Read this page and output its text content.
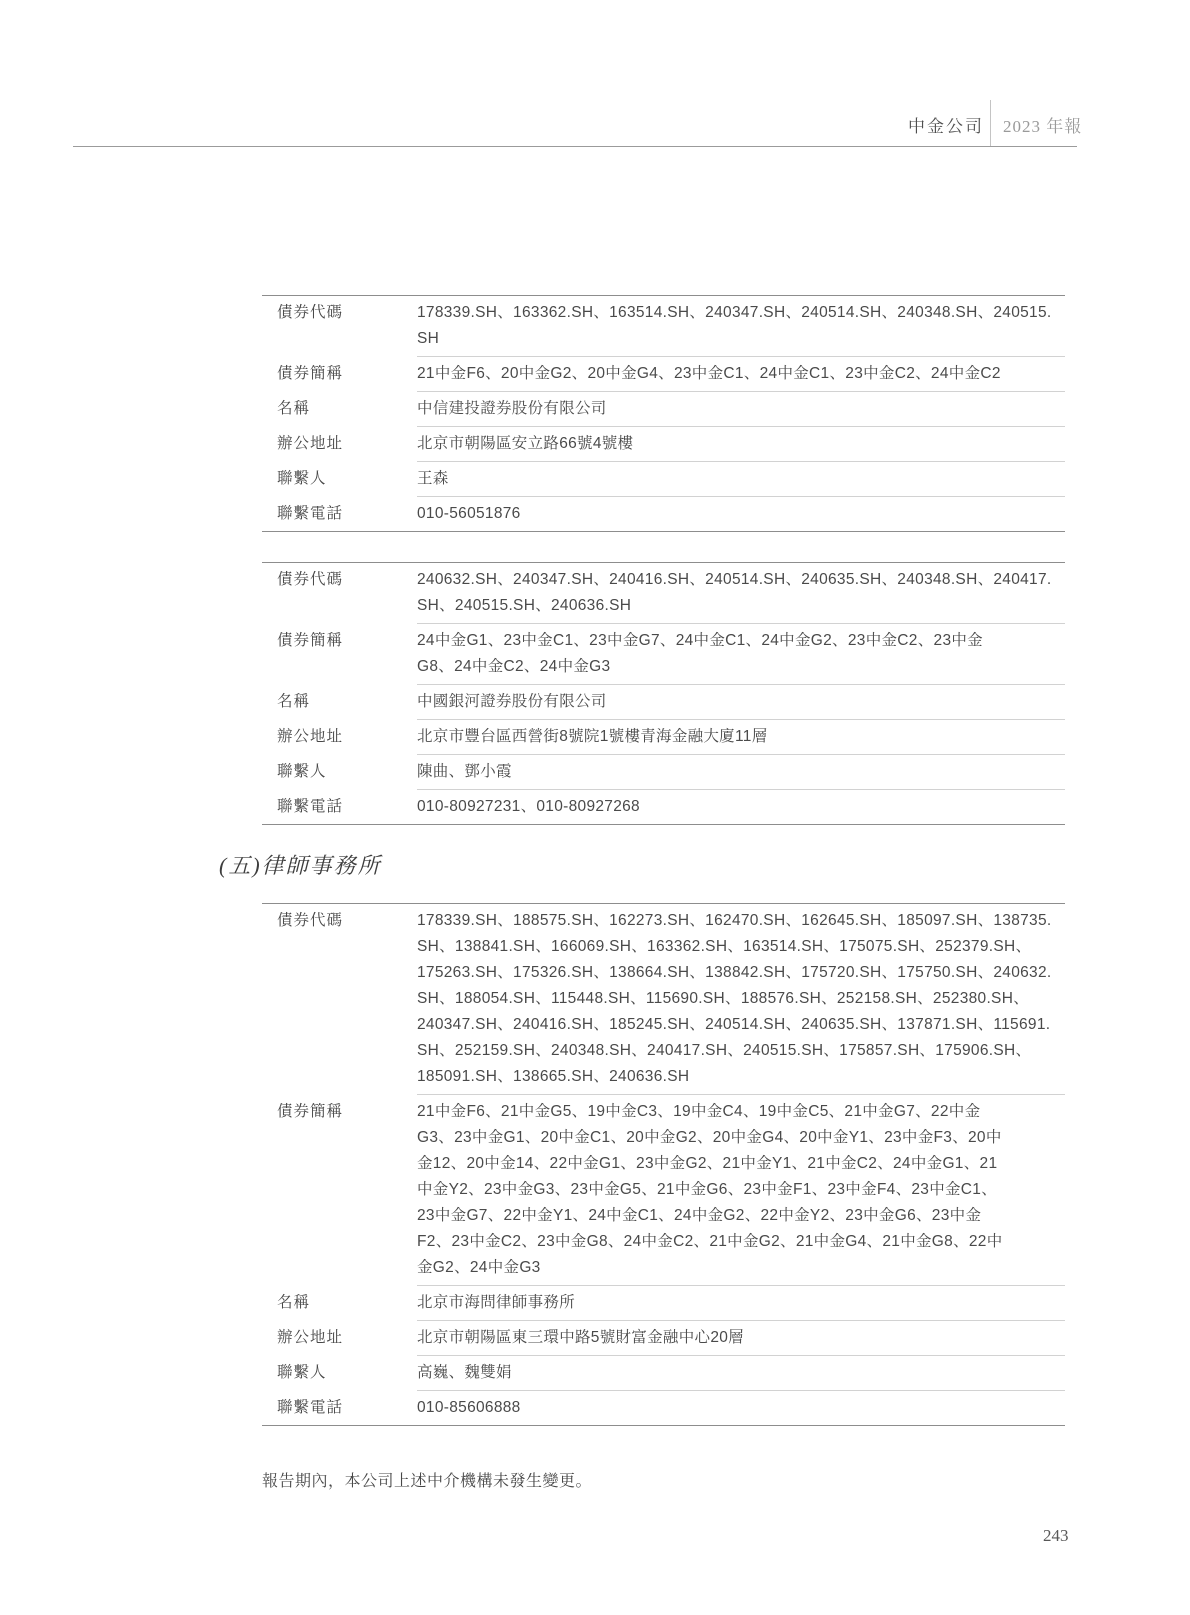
中金公司 2023 年報
債券代碼	178339.SH、163362.SH、163514.SH、240347.SH、240514.SH、240348.SH、240515.
SH
債券簡稱	21中金F6、20中金G2、20中金G4、23中金C1、24中金C1、23中金C2、24中金C2
名稱	中信建投證券股份有限公司
辦公地址	北京市朝陽區安立路66號4號樓
聯繫人	王森
聯繫電話	010-56051876
債券代碼	240632.SH、240347.SH、240416.SH、240514.SH、240635.SH、240348.SH、240417.
SH、240515.SH、240636.SH
債券簡稱	24中金G1、23中金C1、23中金G7、24中金C1、24中金G2、23中金C2、23中金
G8、24中金C2、24中金G3
名稱	中國銀河證券股份有限公司
辦公地址	北京市豐台區西營街8號院1號樓青海金融大廈11層
聯繫人	陳曲、鄧小霞
聯繫電話	010-80927231、010-80927268
(五)律師事務所
債券代碼	178339.SH、188575.SH、162273.SH、162470.SH、162645.SH、185097.SH、138735.
SH、138841.SH、166069.SH、163362.SH、163514.SH、175075.SH、252379.SH、
175263.SH、175326.SH、138664.SH、138842.SH、175720.SH、175750.SH、240632.
SH、188054.SH、115448.SH、115690.SH、188576.SH、252158.SH、252380.SH、
240347.SH、240416.SH、185245.SH、240514.SH、240635.SH、137871.SH、115691.
SH、252159.SH、240348.SH、240417.SH、240515.SH、175857.SH、175906.SH、
185091.SH、138665.SH、240636.SH
債券簡稱	21中金F6、21中金G5、19中金C3、19中金C4、19中金C5、21中金G7、22中金
G3、23中金G1、20中金C1、20中金G2、20中金G4、20中金Y1、23中金F3、20中
金12、20中金14、22中金G1、23中金G2、21中金Y1、21中金C2、24中金G1、21
中金Y2、23中金G3、23中金G5、21中金G6、23中金F1、23中金F4、23中金C1、
23中金G7、22中金Y1、24中金C1、24中金G2、22中金Y2、23中金G6、23中金
F2、23中金C2、23中金G8、24中金C2、21中金G2、21中金G4、21中金G8、22中
金G2、24中金G3
名稱	北京市海問律師事務所
辦公地址	北京市朝陽區東三環中路5號財富金融中心20層
聯繫人	高巍、魏雙娟
聯繫電話	010-85606888
報告期內，本公司上述中介機構未發生變更。
243
